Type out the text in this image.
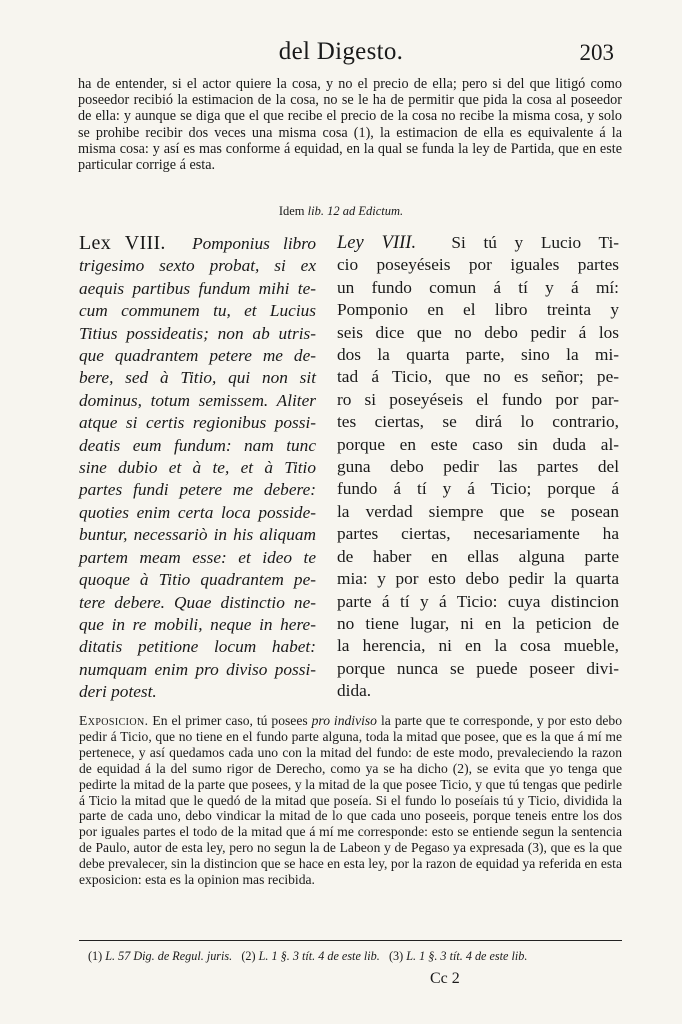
del Digesto.	203

ha de entender, si el actor quiere la cosa, y no el precio de ella; pero si del que litigó como poseedor recibió la estimacion de la cosa, no se le ha de permitir que pida la cosa al poseedor de ella: y aunque se diga que el que recibe el precio de la cosa no recibe la misma cosa, y solo se prohibe recibir dos veces una misma cosa (1), la estimacion de ella es equivalente á la misma cosa: y así es mas conforme á equidad, en la qual se funda la ley de Partida, que en este particular corrige á esta.

Idem lib. 12 ad Edictum.
Lex VIII. Pomponius libro
trigesimo sexto probat, si ex
aequis partibus fundum mihi te-
cum communem tu, et Lucius
Titius possideatis; non ab utris-
que quadrantem petere me de-
bere, sed à Titio, qui non sit
dominus, totum semissem. Aliter
atque si certis regionibus possi-
deatis eum fundum: nam tunc
sine dubio et à te, et à Titio
partes fundi petere me debere:
quoties enim certa loca posside-
buntur, necessariò in his aliquam
partem meam esse: et ideo te
quoque à Titio quadrantem pe-
tere debere. Quae distinctio ne-
que in re mobili, neque in here-
ditatis petitione locum habet:
numquam enim pro diviso possi-
deri potest.
Ley VIII. Si tú y Lucio Ti-
cio poseyéseis por iguales partes
un fundo comun á tí y á mí:
Pomponio en el libro treinta y
seis dice que no debo pedir á los
dos la quarta parte, sino la mi-
tad á Ticio, que no es señor; pe-
ro si poseyéseis el fundo por par-
tes ciertas, se dirá lo contrario,
porque en este caso sin duda al-
guna debo pedir las partes del
fundo á tí y á Ticio; porque á
la verdad siempre que se posean
partes ciertas, necesariamente ha
de haber en ellas alguna parte
mia: y por esto debo pedir la quarta
parte á tí y á Ticio: cuya distincion
no tiene lugar, ni en la peticion de
la herencia, ni en la cosa mueble,
porque nunca se puede poseer divi-
dida.

Exposicion. En el primer caso, tú posees pro indiviso la parte que te corresponde, y por esto debo pedir á Ticio, que no tiene en el fundo parte alguna, toda la mitad que posee, que es la que á mí me pertenece, y así quedamos cada uno con la mitad del fundo: de este modo, prevaleciendo la razon de equidad á la del sumo rigor de Derecho, como ya se ha dicho (2), se evita que yo tenga que pedirte la mitad de la parte que posees, y la mitad de la que posee Ticio, y que tú tengas que pedirle á Ticio la mitad que le quedó de la mitad que poseía. Si el fundo lo poseíais tú y Ticio, dividida la parte de cada uno, debo vindicar la mitad de lo que cada uno poseeis, porque teneis entre los dos por iguales partes el todo de la mitad que á mí me corresponde: esto se entiende segun la sentencia de Paulo, autor de esta ley, pero no segun la de Labeon y de Pegaso ya expresada (3), que es la que debe prevalecer, sin la distincion que se hace en esta ley, por la razon de equidad ya referida en esta exposicion: esta es la opinion mas recibida.

(1) L. 57 Dig. de Regul. juris. (2) L. 1 §. 3 tít. 4 de este lib. (3) L. 1 §. 3 tít. 4 de este lib.
Cc 2
